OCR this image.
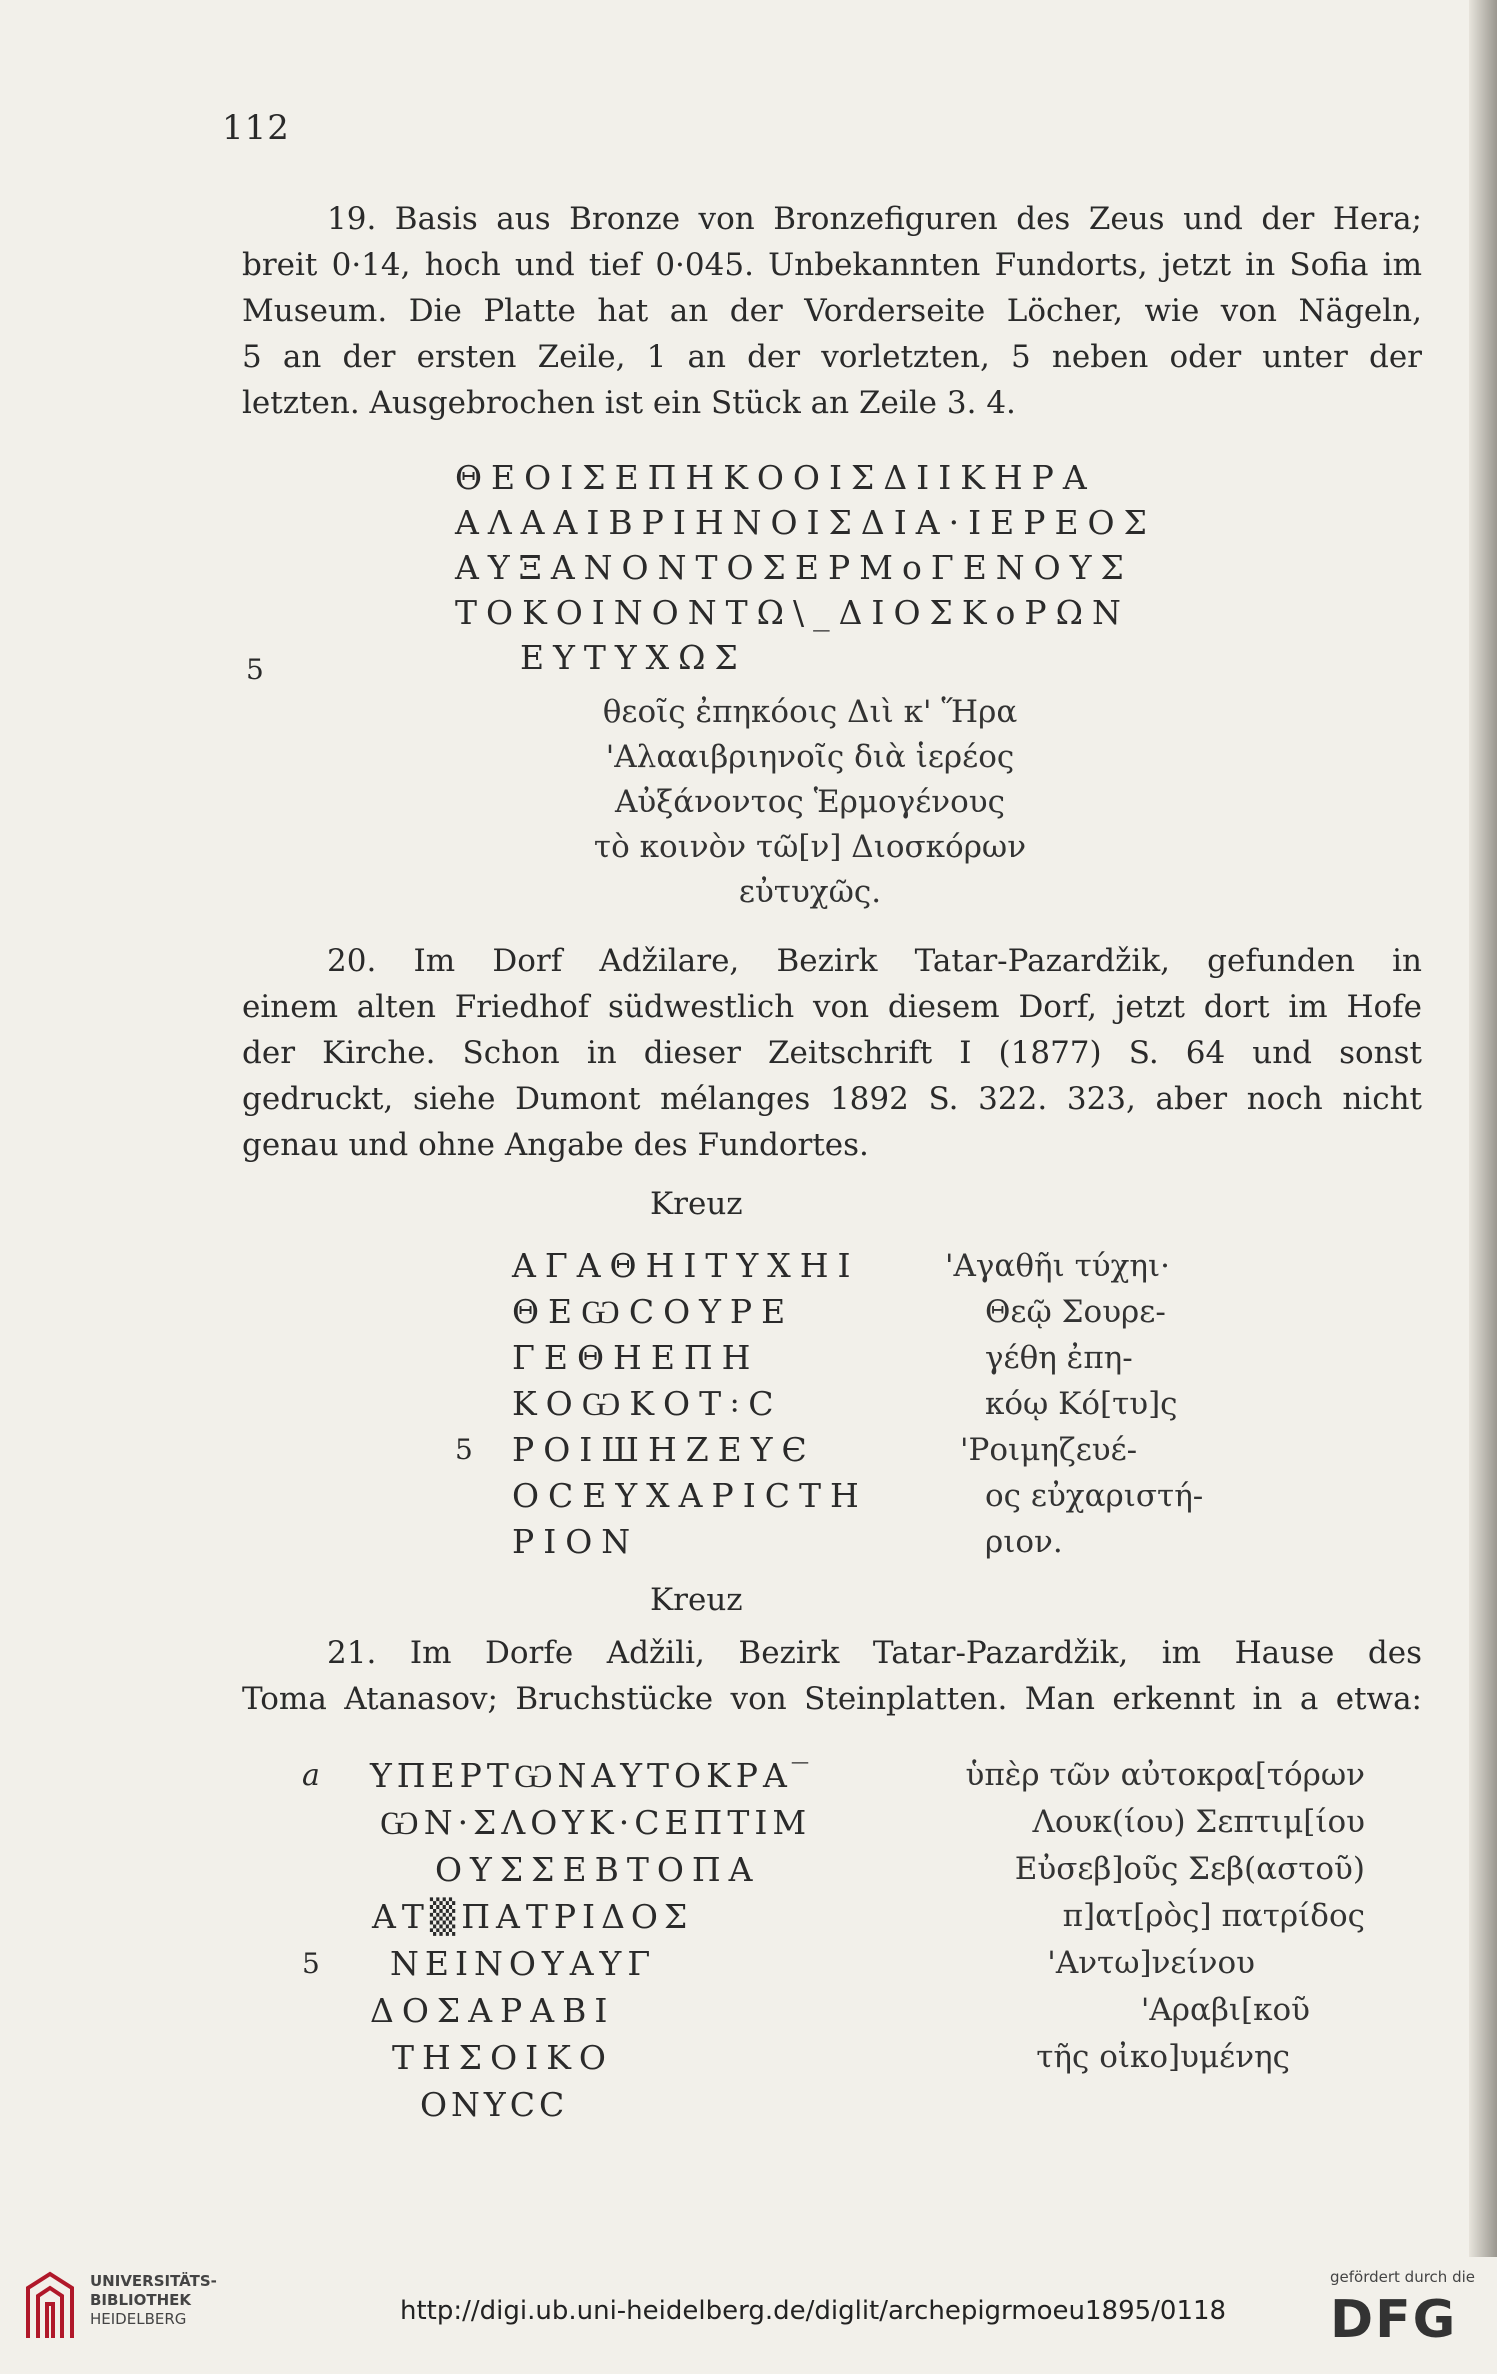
112
19. Basis aus Bronze von Bronzefiguren des Zeus und der Hera;
breit 0·14, hoch und tief 0·045. Unbekannten Fundorts, jetzt in Sofia im
Museum. Die Platte hat an der Vorderseite Löcher, wie von Nägeln,
5 an der ersten Zeile, 1 an der vorletzten, 5 neben oder unter der
letzten. Ausgebrochen ist ein Stück an Zeile 3. 4.
ΘΕΟΙΣΕΠΗΚΟΟΙΣΔΙΙΚΗΡΑ
ΑΛΑΑΙΒΡΙΗΝΟΙΣΔΙΑ·ΙΕΡΕΟΣ
ΑΥΞΑΝΟΝΤΟΣΕΡΜοΓΕΝΟΥΣ
ΤΟΚΟΙΝΟΝΤΩ\_ΔΙΟΣΚοΡΩΝ
ΕΥΤΥΧΩΣ
5
θεοῖς ἐπηκόοις Διὶ κ' Ἥρα
'Αλααιβριηνοῖς διὰ ἱερέος
Αὐξάνοντος Ἑρμογένους
τὸ κοινὸν τῶ[ν] Διοσκόρων
εὐτυχῶς.
20. Im Dorf Adžilare, Bezirk Tatar-Pazardžik, gefunden in
einem alten Friedhof südwestlich von diesem Dorf, jetzt dort im Hofe
der Kirche. Schon in dieser Zeitschrift I (1877) S. 64 und sonst
gedruckt, siehe Dumont mélanges 1892 S. 322. 323, aber noch nicht
genau und ohne Angabe des Fundortes.
Kreuz
ΑΓΑΘΗΙΤΥΧΗΙ
ΘΕѠϹΟΥΡΕ
ΓΕΘΗΕΠΗ
ΚΟѠΚΟΤ꞉Ϲ
ΡΟΙШΗΖΕΥЄ
ΟϹΕΥΧΑΡΙϹΤΗ
ΡΙΟΝ
5
'Αγαθῆι τύχηι·
Θεῷ Σουρε-
γέθη ἐπη-
κόῳ Κό[τυ]ς
'Ροιμηζευέ-
ος εὐχαριστή-
ριον.
Kreuz
21. Im Dorfe Adžili, Bezirk Tatar-Pazardžik, im Hause des
Toma Atanasov; Bruchstücke von Steinplatten. Man erkennt in a etwa:
a ΥΠΕΡΤѠΝΑΥΤΟΚΡΑ‾
ѠΝ·ΣΛΟΥΚ·ϹΕΠΤΙΜ
ΟΥΣΣΕΒΤΟΠΑ
ΑΤ▒ΠΑΤΡΙΔΟΣ
ΝΕΙΝΟΥΑΥΓ
ΔΟΣΑΡΑΒΙ
ΤΗΣΟΙΚΟ
ΟΝΥϹϹ
5
ὑπὲρ τῶν αὐτοκρα[τόρων
Λουκ(ίου) Σεπτιμ[ίου
Εὐσεβ]οῦς Σεβ(αστοῦ)
π]ατ[ρὸς] πατρίδος
'Αντω]νείνου
'Αραβι[κοῦ
τῆς οἰκο]υμένης
UNIVERSITÄTS-
BIBLIOTHEK
HEIDELBERG	http://digi.ub.uni-heidelberg.de/diglit/archepigrmoeu1895/0118
gefördert durch die
DFG
